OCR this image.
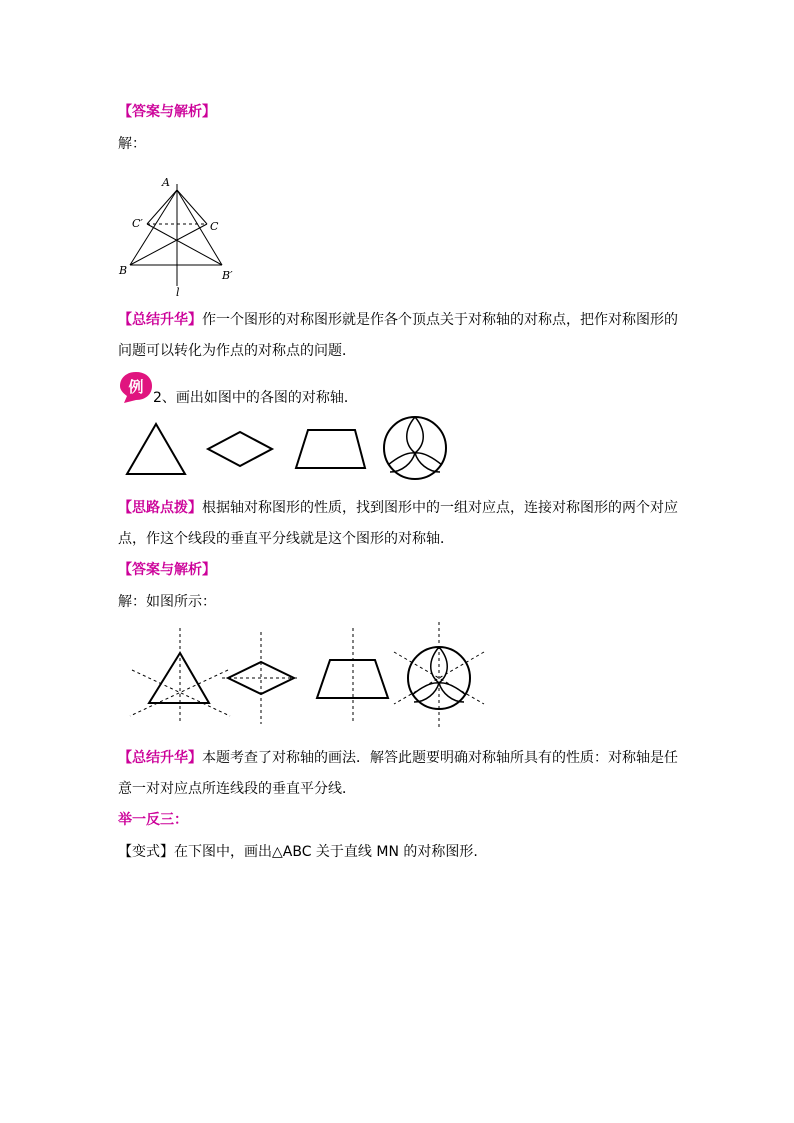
【答案与解析】
解：
A
C′	C
B	B′
l
【总结升华】作一个图形的对称图形就是作各个顶点关于对称轴的对称点，把作对称图形的
问题可以转化为作点的对称点的问题．
例
2、画出如图中的各图的对称轴．
【思路点拨】根据轴对称图形的性质，找到图形中的一组对应点，连接对称图形的两个对应
点，作这个线段的垂直平分线就是这个图形的对称轴．
【答案与解析】
解：如图所示：
【总结升华】本题考查了对称轴的画法．解答此题要明确对称轴所具有的性质：对称轴是任
意一对对应点所连线段的垂直平分线．
举一反三：
【变式】在下图中，画出△ABC 关于直线 MN 的对称图形.
